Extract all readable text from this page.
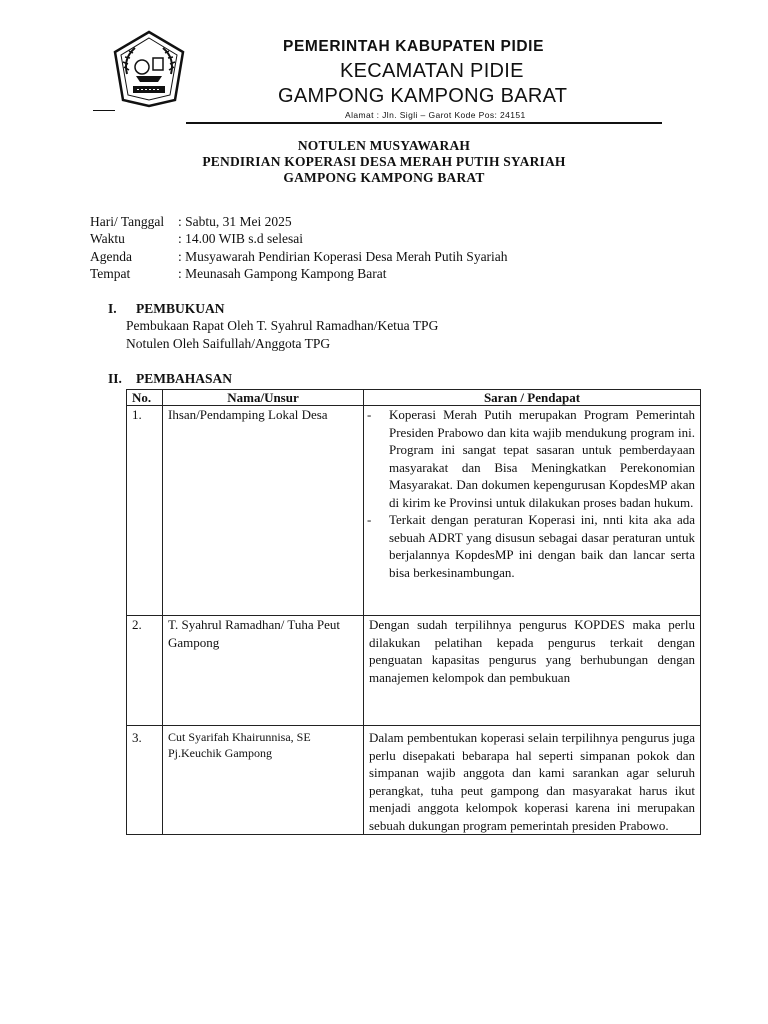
PEMERINTAH KABUPATEN PIDIE
KECAMATAN PIDIE
GAMPONG KAMPONG BARAT
Alamat : Jln. Sigli – Garot Kode Pos: 24151
NOTULEN MUSYAWARAH
PENDIRIAN KOPERASI DESA MERAH PUTIH SYARIAH
GAMPONG KAMPONG BARAT
Hari/ Tanggal : Sabtu, 31 Mei 2025
Waktu	: 14.00 WIB s.d selesai
Agenda	: Musyawarah Pendirian Koperasi Desa Merah Putih Syariah
Tempat	: Meunasah Gampong Kampong Barat
I. PEMBUKUAN
Pembukaan Rapat Oleh T. Syahrul Ramadhan/Ketua TPG
Notulen Oleh Saifullah/Anggota TPG
II. PEMBAHASAN
No.	Nama/Unsur	Saran / Pendapat
1.	Ihsan/Pendamping Lokal Desa	- Koperasi Merah Putih merupakan Program Pemerintah Presiden Prabowo dan kita wajib mendukung program ini. Program ini sangat tepat sasaran untuk pemberdayaan masyarakat dan Bisa Meningkatkan Perekonomian Masyarakat. Dan dokumen kepengurusan KopdesMP akan di kirim ke Provinsi untuk dilakukan proses badan hukum.
- Terkait dengan peraturan Koperasi ini, nnti kita aka ada sebuah ADRT yang disusun sebagai dasar peraturan untuk berjalannya KopdesMP ini dengan baik dan lancar serta bisa berkesinambungan.

2.	T. Syahrul Ramadhan/ Tuha Peut Gampong	Dengan sudah terpilihnya pengurus KOPDES maka perlu dilakukan pelatihan kepada pengurus terkait dengan penguatan kapasitas pengurus yang berhubungan dengan manajemen kelompok dan pembukuan
3.	Cut Syarifah Khairunnisa, SE
Pj.Keuchik Gampong	Dalam pembentukan koperasi selain terpilihnya pengurus juga perlu disepakati bebarapa hal seperti simpanan pokok dan simpanan wajib anggota dan kami sarankan agar seluruh perangkat, tuha peut gampong dan masyarakat harus ikut menjadi anggota kelompok koperasi karena ini merupakan sebuah dukungan program pemerintah presiden Prabowo.
